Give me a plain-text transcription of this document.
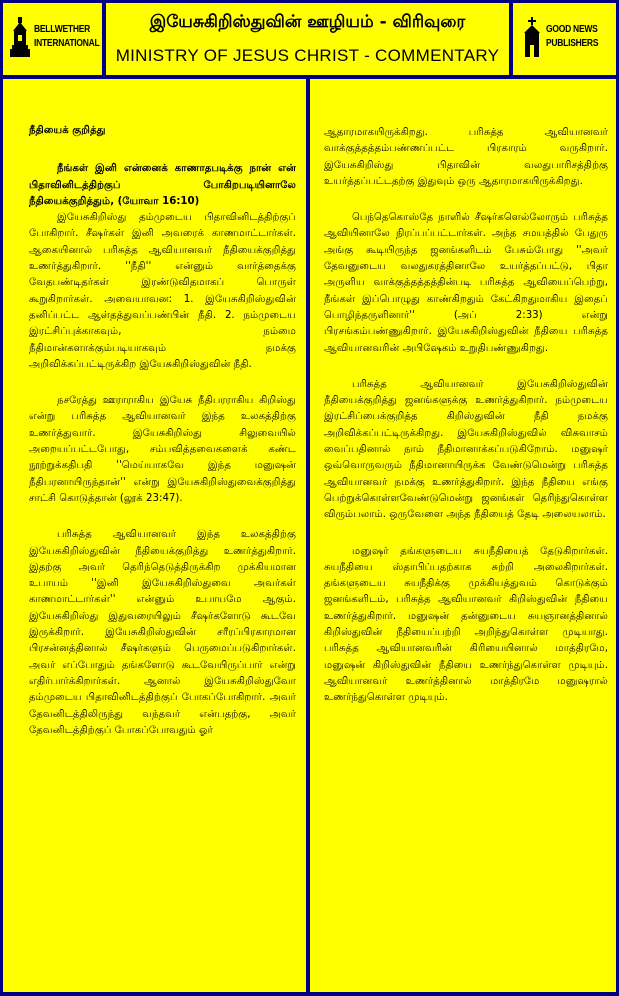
BELLWETHER
INTERNATIONAL
இயேசுகிறிஸ்துவின் ஊழியம் - விரிவுரை
MINISTRY OF JESUS CHRIST - COMMENTARY
GOOD NEWS
PUBLISHERS
நீதியைக் குறித்து

நீங்கள் இனி என்னைக் காணாதபடிக்கு நான் என் பிதாவினிடத்திற்குப் போகிறபடியினாலே நீதியைக்குறித்தும், (யோவா 16:10)

இயேசுகிறிஸ்து தம்முடைய பிதாவினிடத்திற்குப் போகிறார். சீஷர்கள் இனி அவரைக் காணமாட்டார்கள். ஆகையினால் பரிசுத்த ஆவியானவர் நீதியைக்குறித்து உணர்த்துகிறார். ''நீதி'' என்னும் வார்த்தைக்கு வேதபண்டிதர்கள் இரண்டுவிதமாகப் பொருள் கூறுகிறார்கள். அவையாவன: 1. இயேசுகிறிஸ்துவின் தனிப்பட்ட ஆள்தத்துவப்பண்பின் நீதி. 2. நம்முடைய இரட்சிப்புக்காகவும், நம்மை நீதிமான்களாக்கும்படியாகவும் நமக்கு அறிவிக்கப்பட்டிருக்கிற இயேசுகிறிஸ்துவின் நீதி.

நசரேத்து ஊராராகிய இயேசு நீதிபரராகிய கிறிஸ்து என்று பரிசுத்த ஆவியானவர் இந்த உலகத்திற்கு உணர்த்துவார். இயேசுகிறிஸ்து சிலுவையில் அறையப்பட்டபோது, சம்பவித்தவைகளைக் கண்ட நூற்றுக்கதிபதி ''மெய்யாகவே இந்த மனுஷன் நீதிபரனாயிருந்தான்'' என்று இயேசுகிறிஸ்துவைக்குறித்து சாட்சி கொடுத்தான் (லூக் 23:47).

பரிசுத்த ஆவியானவர் இந்த உலகத்திற்கு இயேசுகிறிஸ்துவின் நீதியைக்குறித்து உணர்த்துகிறார். இதற்கு அவர் தெரிந்தெடுத்திருக்கிற முக்கியமான உபாயம் ''இனி இயேசுகிறிஸ்துவை அவர்கள் காணமாட்டார்கள்'' என்னும் உபாயமே ஆகும். இயேசுகிறிஸ்து இதுவரையிலும் சீஷர்களோடு கூடவே இருக்கிறார். இயேசுகிறிஸ்துவின் சரீரப்பிரகாரமான பிரசன்னத்தினால் சீஷர்களும் பெருமைப்படுகிறார்கள். அவர் எப்போதும் தங்களோடு கூடவேயிருப்பார் என்று எதிர்பார்க்கிறார்கள். ஆனால் இயேசுகிறிஸ்துவோ தம்முடைய பிதாவினிடத்திற்குப் போகப்போகிறார். அவர் தேவனிடத்திலிருந்து வந்தவர் என்பதற்கு, அவர் தேவனிடத்திற்குப் போகப்போவதும் ஓர்

ஆதாரமாகயிருக்கிறது. பரிசுத்த ஆவியானவர் வாக்குத்தத்தம்பண்ணப்பட்ட பிரகாரம் வருகிறார். இயேசுகிறிஸ்து பிதாவின் வலதுபாரிசத்திற்கு உயர்த்தப்பட்டதற்கு இதுவும் ஒரு ஆதாரமாகயிருக்கிறது.

பெந்தெகொஸ்தே நாளில் சீஷர்களெல்லோரும் பரிசுத்த ஆவியினாலே நிரப்பப்பட்டார்கள். அந்த சமயத்தில் பேதுரு அங்கு கூடியிருந்த ஜனங்களிடம் பேசும்போது ''அவர் தேவனுடைய வலதுகரத்தினாலே உயர்த்தப்பட்டு, பிதா அருளிய வாக்குத்தத்தத்தின்படி பரிசுத்த ஆவியைப்பெற்று, நீங்கள் இப்பொழுது காண்கிறதும் கேட்கிறதுமாகிய இதைப் பொழிந்தருளினார்'' (அப் 2:33) என்று பிரசங்கம்பண்ணுகிறார். இயேசுகிறிஸ்துவின் நீதியை பரிசுத்த ஆவியானவரின் அபிஷேகம் உறுதிபண்ணுகிறது.

பரிசுத்த ஆவியானவர் இயேசுகிறிஸ்துவின் நீதியைக்குறித்து ஜனங்களுக்கு உணர்த்துகிறார். நம்முடைய இரட்சிப்பைக்குறித்த கிறிஸ்துவின் நீதி நமக்கு அறிவிக்கப்பட்டிருக்கிறது. இயேசுகிறிஸ்துவில் விசுவாசம் வைப்பதினால் நாம் நீதிமானாக்கப்படுகிறோம். மனுஷர் ஒவ்வொருவரும் நீதிமானாயிருக்க வேண்டுமென்று பரிசுத்த ஆவியானவர் நமக்கு உணர்த்துகிறார். இந்த நீதியை எங்கு பெற்றுக்கொள்ளவேண்டுமென்று ஜனங்கள் தெரிந்துகொள்ள விரும்பலாம். ஒருவேளை அந்த நீதியைத் தேடி அலையலாம்.

மனுஷர் தங்களுடைய சுயநீதியைத் தேடுகிறார்கள். சுயநீதியை ஸ்தாபிப்பதற்காக சுற்றி அலைகிறார்கள். தங்களுடைய சுயநீதிக்கு முக்கியத்துவம் கொடுக்கும் ஜனங்களிடம், பரிசுத்த ஆவியானவர் கிறிஸ்துவின் நீதியை உணர்த்துகிறார். மனுஷன் தன்னுடைய சுயஞானத்தினால் கிறிஸ்துவின் நீதியைப்பற்றி அறிந்துகொள்ள முடியாது. பரிசுத்த ஆவியானவரின் கிரியையினால் மாத்திரமே, மனுஷன் கிறிஸ்துவின் நீதியை உணர்ந்துகொள்ள முடியும். ஆவியானவர் உணர்த்தினால் மாத்திரமே மனுஷரால் உணர்ந்துகொள்ள முடியும்.
